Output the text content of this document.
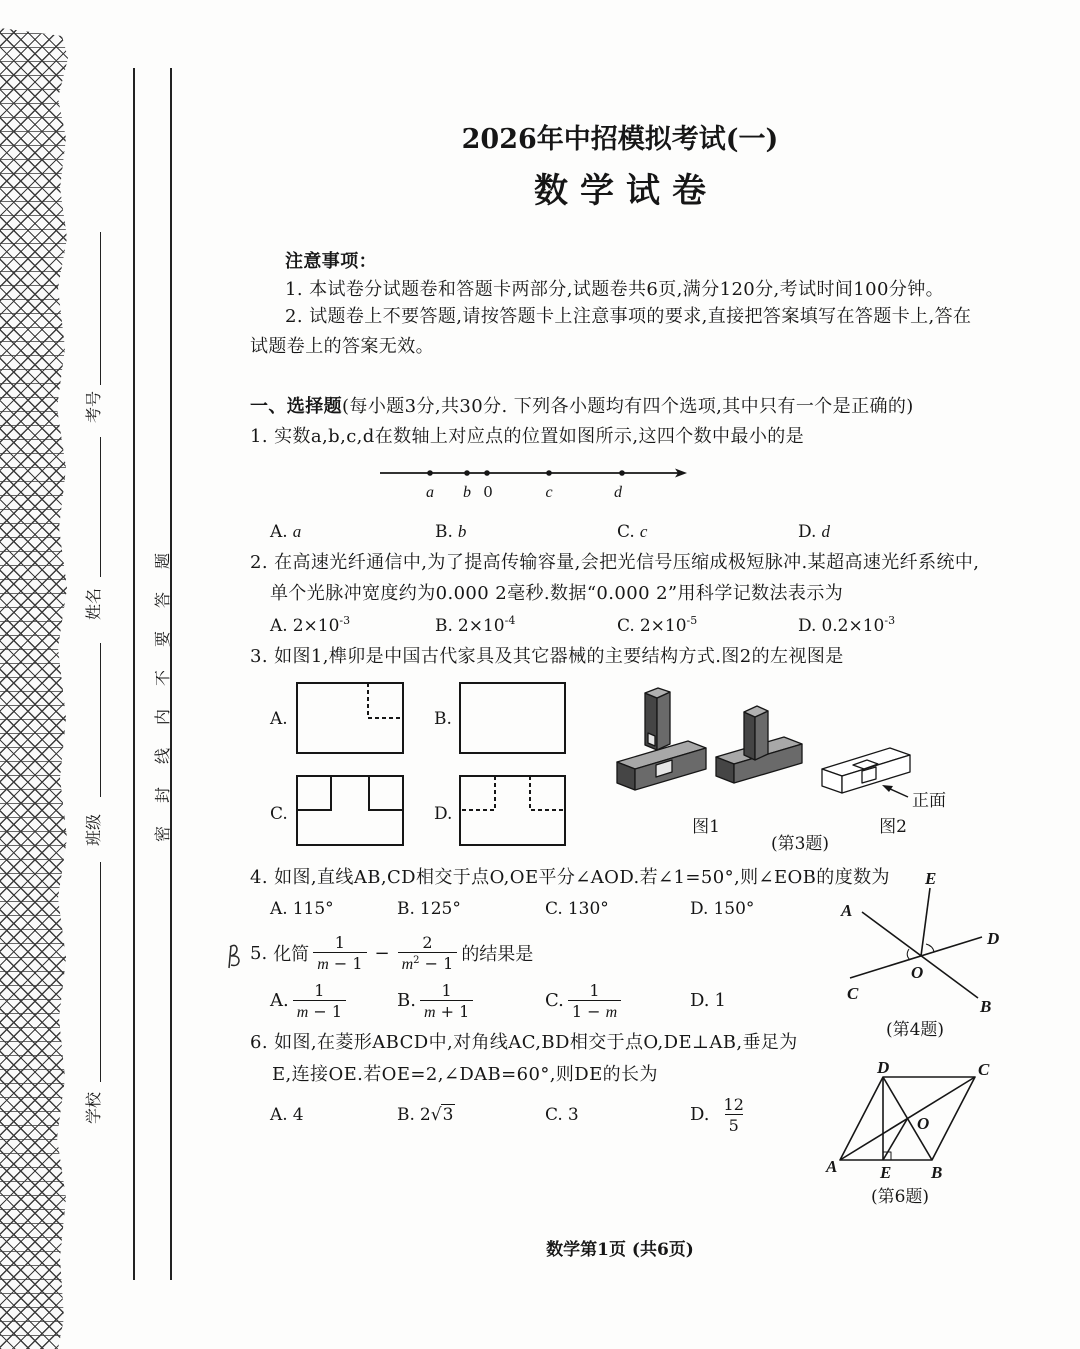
考号
姓名
班级
学校
密封线内不要答题
2026年中招模拟考试(一)
数学试卷
注意事项：
1. 本试卷分试题卷和答题卡两部分,试题卷共6页,满分120分,考试时间100分钟。
2. 试题卷上不要答题,请按答题卡上注意事项的要求,直接把答案填写在答题卡上,答在
试题卷上的答案无效。
一、选择题(每小题3分,共30分. 下列各小题均有四个选项,其中只有一个是正确的)
1. 实数a,b,c,d在数轴上对应点的位置如图所示,这四个数中最小的是
a b 0	c	d
A. a	B. b	C. c	D. d
2. 在高速光纤通信中,为了提高传输容量,会把光信号压缩成极短脉冲.某超高速光纤系统中,
单个光脉冲宽度约为0.000 2毫秒.数据“0.000 2”用科学记数法表示为
A. $2\times 10^{-3}$	B. $2\times 10^{-4}$	C. $2\times 10^{-5}$	D. $0.2\times 10^{-3}$
3. 如图1,榫卯是中国古代家具及其它器械的主要结构方式.图2的左视图是
A.	B.
C.	D.
正面
图1	图2
(第3题)
4. 如图,直线AB,CD相交于点O,OE平分∠AOD.若∠1=50°,则∠EOB的度数为
A. 115°	B. 125°	C. 130°	D. 150°	A
B
C
D
E
O
(第4题)
5. 化简 $\frac{1}{m - 1} - \frac{2}{m^2 - 1}$ 的结果是
A. $\frac{1}{m - 1}$	B. $\frac{1}{m + 1}$	C. $\frac{1}{1 - m}$	D. 1
6. 如图,在菱形ABCD中,对角线AC,BD相交于点O,DE⊥AB,垂足为
E,连接OE.若OE=2,∠DAB=60°,则DE的长为
A. 4	B. 2√3	C. 3	D. $\frac{12}{5}$
D	C
A	E B
O
(第6题)
数学第1页 (共6页)
